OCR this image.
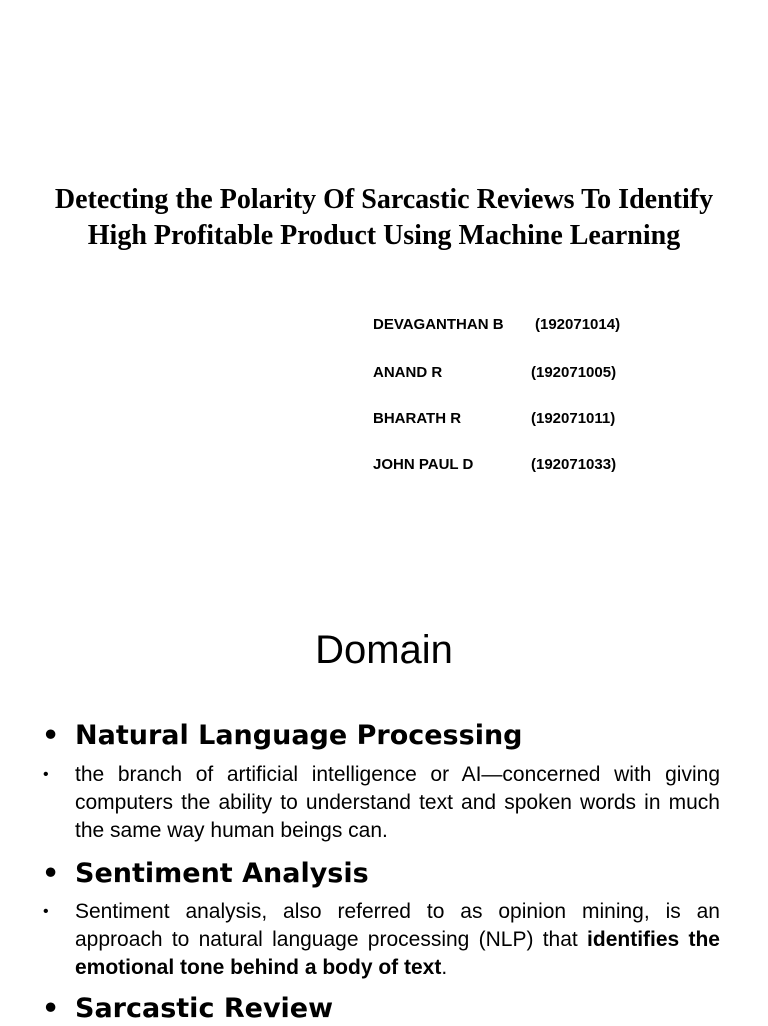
Detecting the Polarity Of Sarcastic Reviews To Identify High Profitable Product Using Machine Learning
DEVAGANTHAN B (192071014)
ANAND R	(192071005)
BHARATH R	(192071011)
JOHN PAUL D	(192071033)
Domain
• Natural Language Processing
• the branch of artificial intelligence or AI—concerned with giving computers the ability to understand text and spoken words in much the same way human beings can.
• Sentiment Analysis
• Sentiment analysis, also referred to as opinion mining, is an approach to natural language processing (NLP) that identifies the emotional tone behind a body of text.
• Sarcastic Review
